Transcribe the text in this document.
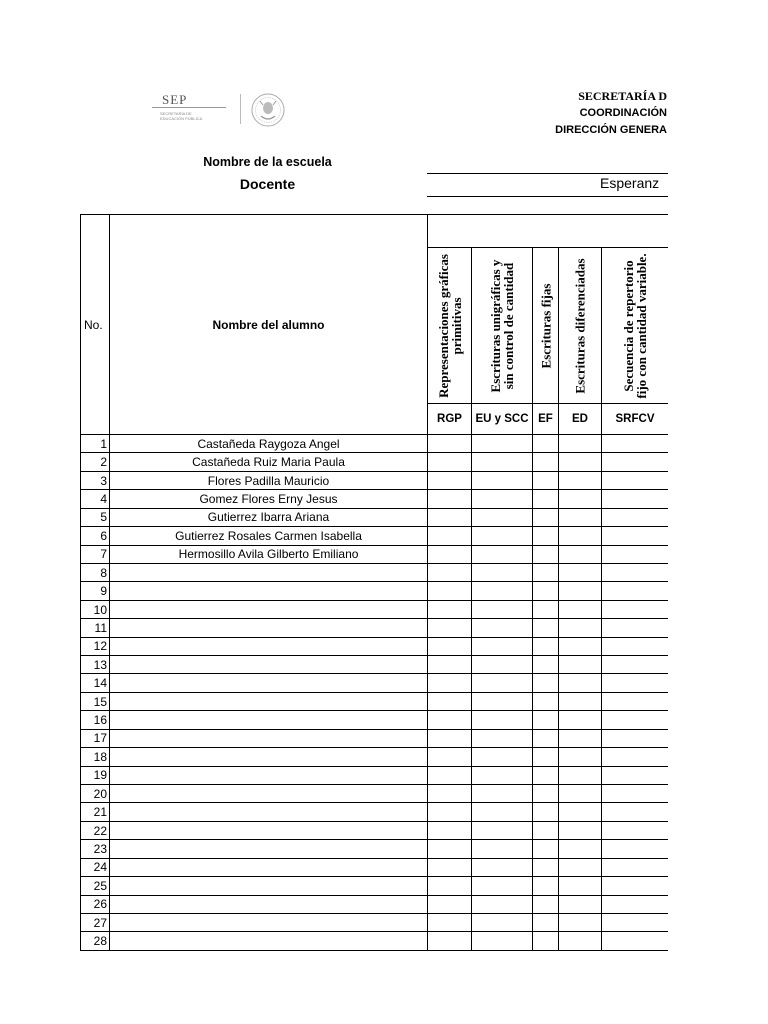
SEP
SECRETARÍA DE
EDUCACIÓN PÚBLICA
SECRETARÍA D
COORDINACIÓN
DIRECCIÓN GENERA
Nombre de la escuela
Docente	Esperanz
No.	Nombre del alumno					

		Representaciones gráficas primitivas	Escrituras unigráficas y sin control de cantidad	Escrituras fijas	Escrituras diferenciadas	Secuencia de repertorio fijo con cantidad variable.

		RGP	EU y SCC	EF	ED	SRFCV
1	Castañeda Raygoza Angel					
2	Castañeda Ruiz Maria Paula					
3	Flores Padilla Mauricio					
4	Gomez Flores Erny Jesus					
5	Gutierrez Ibarra Ariana					
6	Gutierrez Rosales Carmen Isabella					
7	Hermosillo Avila Gilberto Emiliano					
8						
9						
10						
11						
12						
13						
14						
15						
16						
17						
18						
19						
20						
21						
22						
23						
24						
25						
26						
27						
28						
